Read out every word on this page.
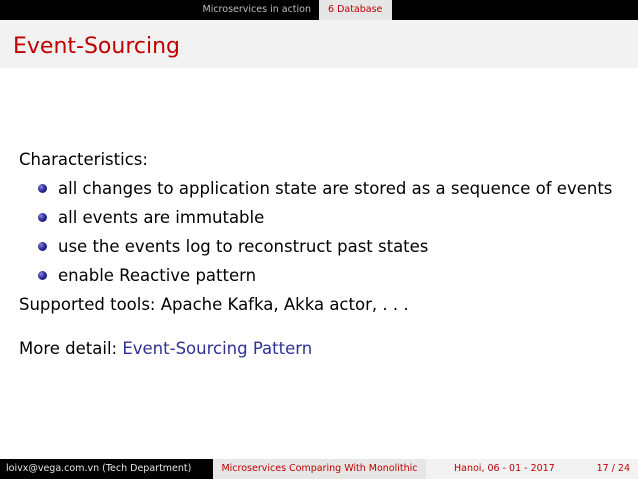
Microservices in action	6 Database
Event-Sourcing
Characteristics:
all changes to application state are stored as a sequence of events
all events are immutable
use the events log to reconstruct past states
enable Reactive pattern
Supported tools: Apache Kafka, Akka actor, . . .
More detail: Event-Sourcing Pattern
loivx@vega.com.vn (Tech Department)	Microservices Comparing With Monolithic	Hanoi, 06 - 01 - 2017	17 / 24
